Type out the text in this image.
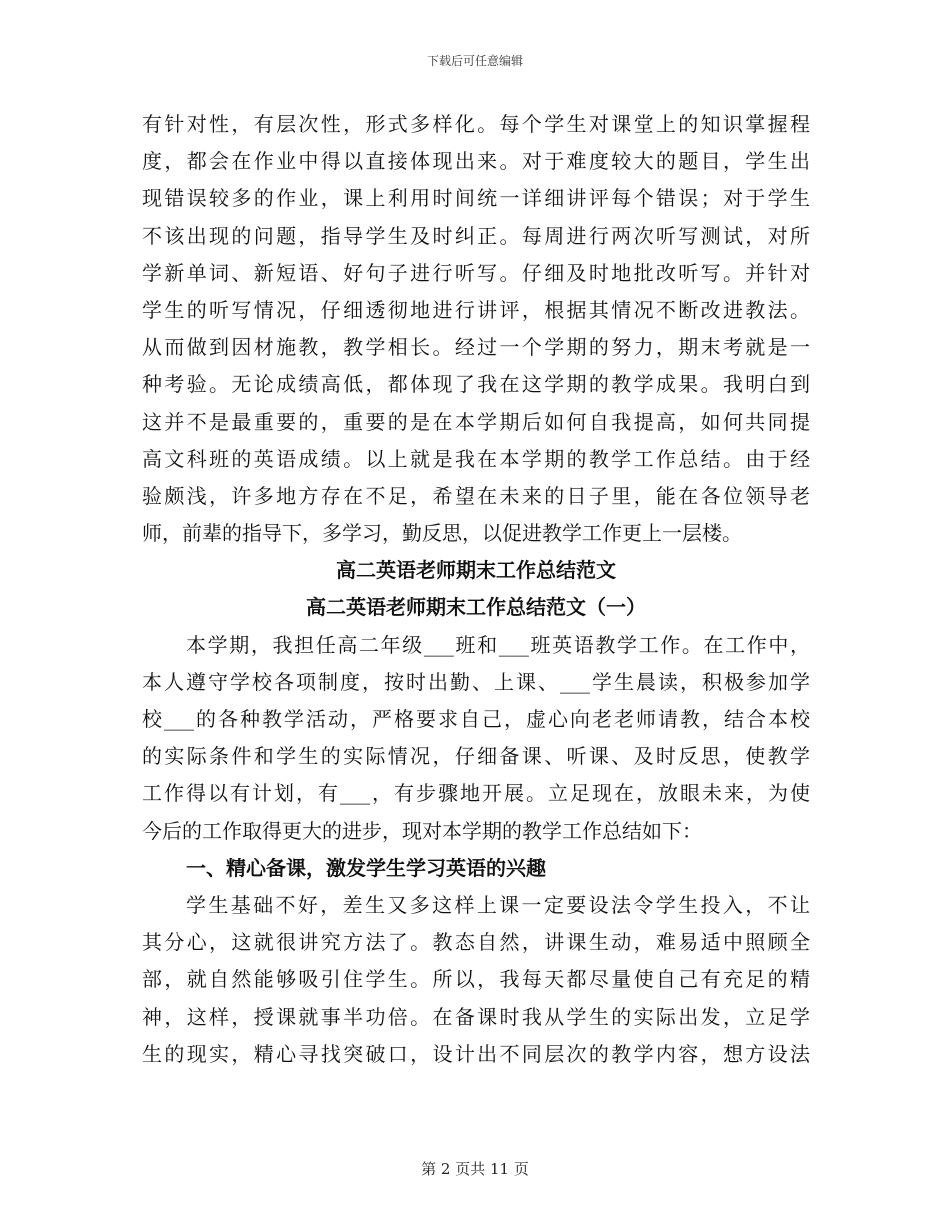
下载后可任意编辑
有针对性，有层次性，形式多样化。每个学生对课堂上的知识掌握程
度，都会在作业中得以直接体现出来。对于难度较大的题目，学生出
现错误较多的作业，课上利用时间统一详细讲评每个错误；对于学生
不该出现的问题，指导学生及时纠正。每周进行两次听写测试，对所
学新单词、新短语、好句子进行听写。仔细及时地批改听写。并针对
学生的听写情况，仔细透彻地进行讲评，根据其情况不断改进教法。
从而做到因材施教，教学相长。经过一个学期的努力，期末考就是一
种考验。无论成绩高低，都体现了我在这学期的教学成果。我明白到
这并不是最重要的，重要的是在本学期后如何自我提高，如何共同提
高文科班的英语成绩。以上就是我在本学期的教学工作总结。由于经
验颇浅，许多地方存在不足，希望在未来的日子里，能在各位领导老
师，前辈的指导下，多学习，勤反思，以促进教学工作更上一层楼。
高二英语老师期末工作总结范文
高二英语老师期末工作总结范文（一）
本学期，我担任高二年级___班和___班英语教学工作。在工作中，
本人遵守学校各项制度，按时出勤、上课、___学生晨读，积极参加学
校___的各种教学活动，严格要求自己，虚心向老老师请教，结合本校
的实际条件和学生的实际情况，仔细备课、听课、及时反思，使教学
工作得以有计划，有___，有步骤地开展。立足现在，放眼未来，为使
今后的工作取得更大的进步，现对本学期的教学工作总结如下：
一、精心备课，激发学生学习英语的兴趣
学生基础不好，差生又多这样上课一定要设法令学生投入，不让
其分心，这就很讲究方法了。教态自然，讲课生动，难易适中照顾全
部，就自然能够吸引住学生。所以，我每天都尽量使自己有充足的精
神，这样，授课就事半功倍。在备课时我从学生的实际出发，立足学
生的现实，精心寻找突破口，设计出不同层次的教学内容，想方设法
第 2 页共 11 页
